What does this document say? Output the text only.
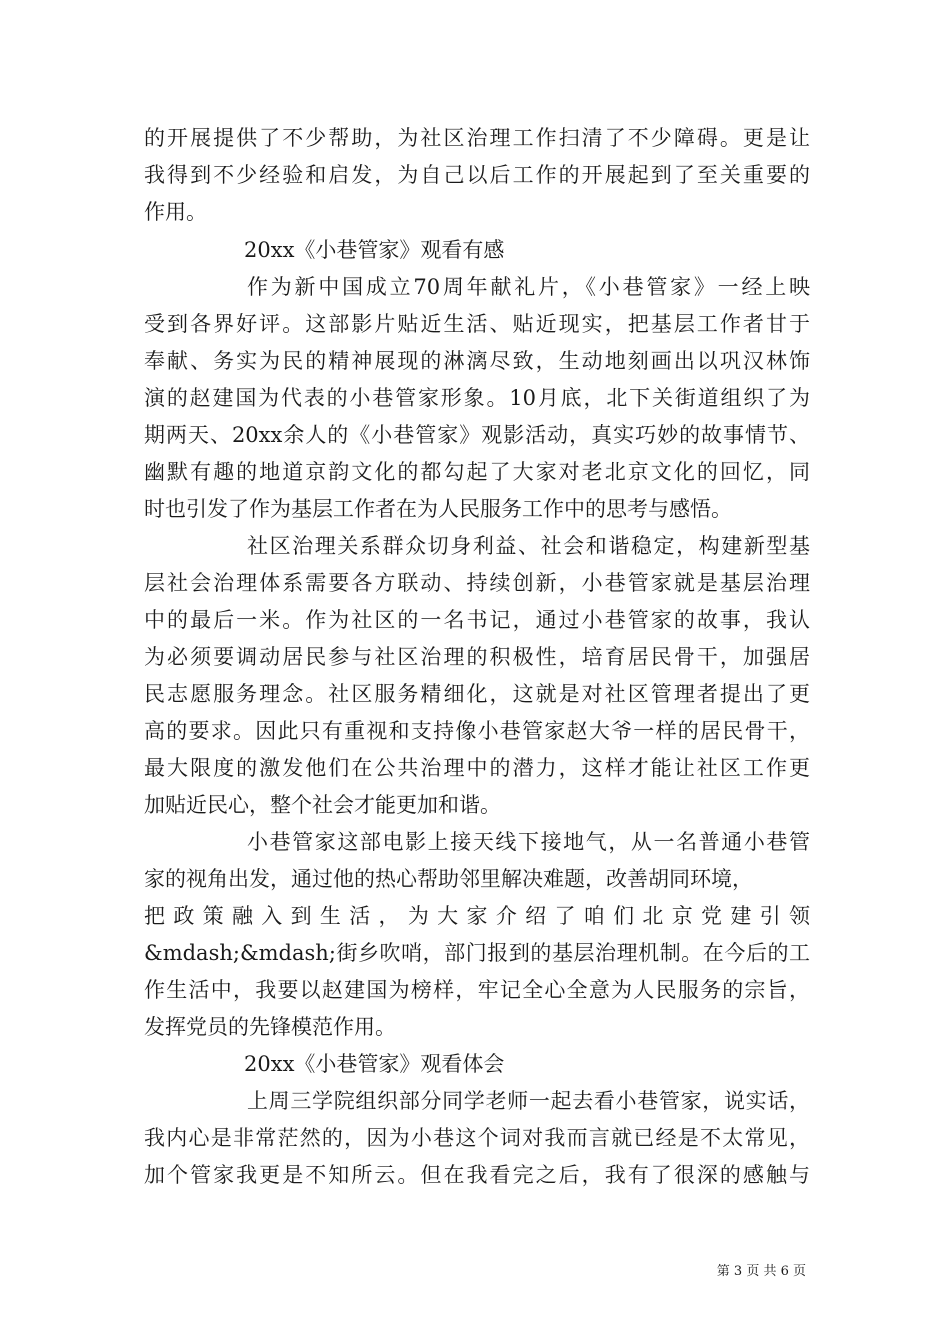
的开展提供了不少帮助，为社区治理工作扫清了不少障碍。更是让
我得到不少经验和启发，为自己以后工作的开展起到了至关重要的
作用。
20xx《小巷管家》观看有感
作为新中国成立70周年献礼片，《小巷管家》一经上映
受到各界好评。这部影片贴近生活、贴近现实，把基层工作者甘于
奉献、务实为民的精神展现的淋漓尽致，生动地刻画出以巩汉林饰
演的赵建国为代表的小巷管家形象。10月底，北下关街道组织了为
期两天、20xx余人的《小巷管家》观影活动，真实巧妙的故事情节、
幽默有趣的地道京韵文化的都勾起了大家对老北京文化的回忆，同
时也引发了作为基层工作者在为人民服务工作中的思考与感悟。
社区治理关系群众切身利益、社会和谐稳定，构建新型基
层社会治理体系需要各方联动、持续创新，小巷管家就是基层治理
中的最后一米。作为社区的一名书记，通过小巷管家的故事，我认
为必须要调动居民参与社区治理的积极性，培育居民骨干，加强居
民志愿服务理念。社区服务精细化，这就是对社区管理者提出了更
高的要求。因此只有重视和支持像小巷管家赵大爷一样的居民骨干，
最大限度的激发他们在公共治理中的潜力，这样才能让社区工作更
加贴近民心，整个社会才能更加和谐。
小巷管家这部电影上接天线下接地气，从一名普通小巷管
家的视角出发，通过他的热心帮助邻里解决难题，改善胡同环境，
把政策融入到生活，为大家介绍了咱们北京党建引领
&mdash;&mdash;街乡吹哨，部门报到的基层治理机制。在今后的工
作生活中，我要以赵建国为榜样，牢记全心全意为人民服务的宗旨，
发挥党员的先锋模范作用。
20xx《小巷管家》观看体会
上周三学院组织部分同学老师一起去看小巷管家，说实话，
我内心是非常茫然的，因为小巷这个词对我而言就已经是不太常见，
加个管家我更是不知所云。但在我看完之后，我有了很深的感触与
第 3 页 共 6 页
